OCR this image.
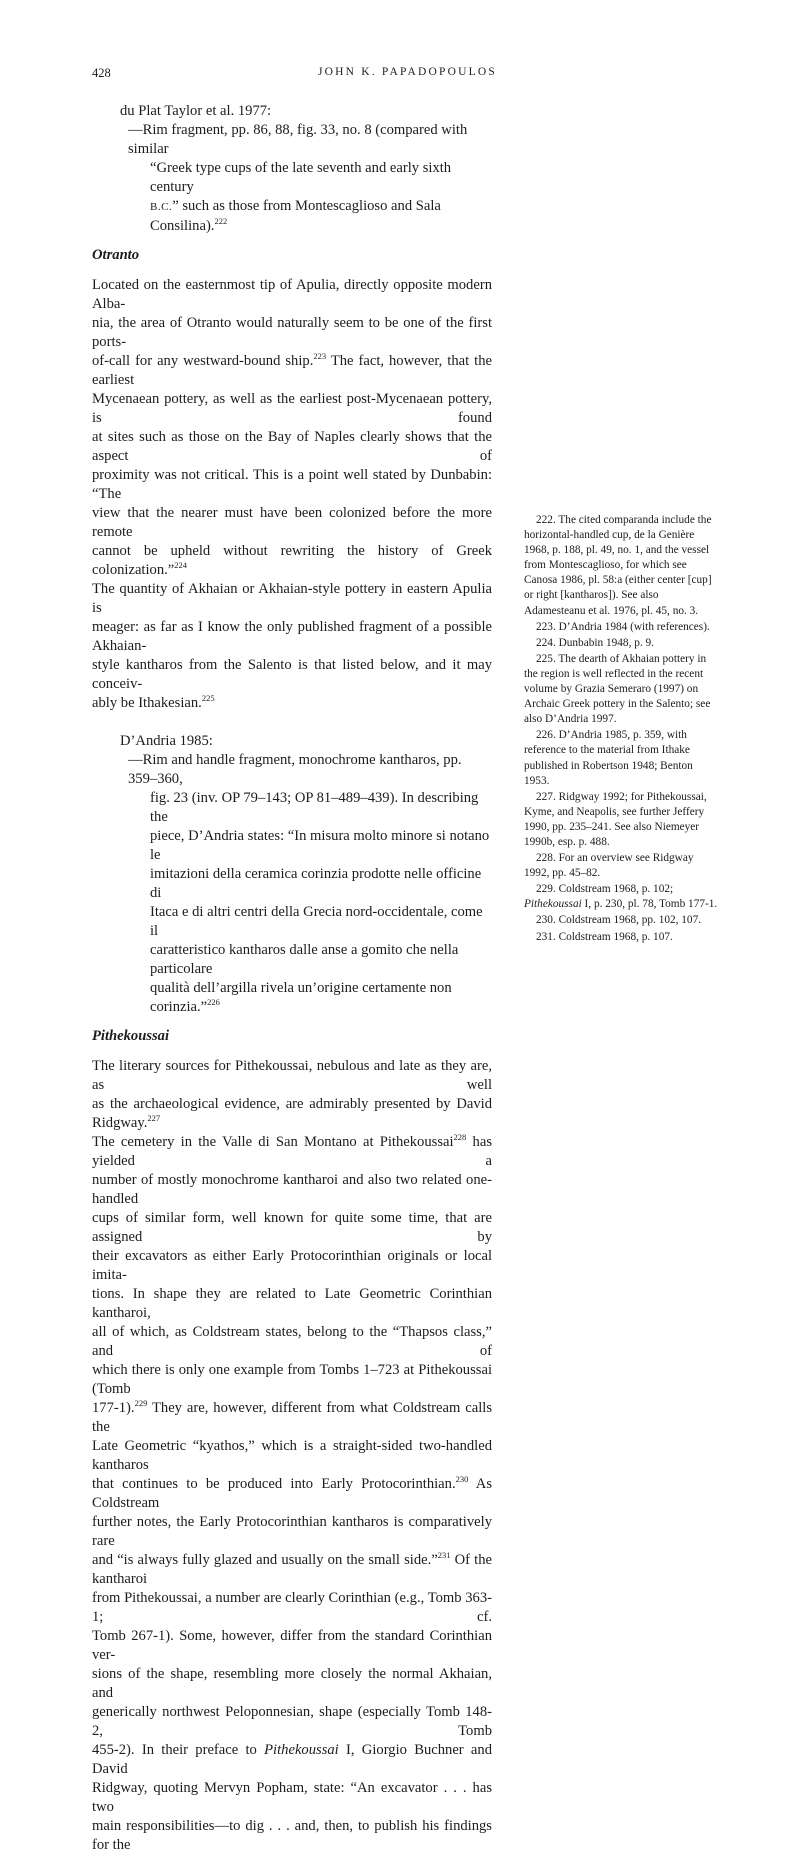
428	JOHN K. PAPADOPOULOS

du Plat Taylor et al. 1977:

—Rim fragment, pp. 86, 88, fig. 33, no. 8 (compared with similar
“Greek type cups of the late seventh and early sixth century
B.C.” such as those from Montescaglioso and Sala Consilina).$^{222}$

Otranto

Located on the easternmost tip of Apulia, directly opposite modern Alba-
nia, the area of Otranto would naturally seem to be one of the first ports-
of-call for any westward-bound ship.$^{223}$ The fact, however, that the earliest
Mycenaean pottery, as well as the earliest post-Mycenaean pottery, is found
at sites such as those on the Bay of Naples clearly shows that the aspect of
proximity was not critical. This is a point well stated by Dunbabin: “The
view that the nearer must have been colonized before the more remote
cannot be upheld without rewriting the history of Greek colonization.”$^{224}$
The quantity of Akhaian or Akhaian-style pottery in eastern Apulia is
meager: as far as I know the only published fragment of a possible Akhaian-
style kantharos from the Salento is that listed below, and it may conceiv-
ably be Ithakesian.$^{225}$

D’Andria 1985:

—Rim and handle fragment, monochrome kantharos, pp. 359–360,
fig. 23 (inv. OP 79–143; OP 81–489–439). In describing the
piece, D’Andria states: “In misura molto minore si notano le
imitazioni della ceramica corinzia prodotte nelle officine di
Itaca e di altri centri della Grecia nord-occidentale, come il
caratteristico kantharos dalle anse a gomito che nella particolare
qualità dell’argilla rivela un’origine certamente non corinzia.”$^{226}$

Pithekoussai

The literary sources for Pithekoussai, nebulous and late as they are, as well
as the archaeological evidence, are admirably presented by David Ridgway.$^{227}$
The cemetery in the Valle di San Montano at Pithekoussai$^{228}$ has yielded a
number of mostly monochrome kantharoi and also two related one-handled
cups of similar form, well known for quite some time, that are assigned by
their excavators as either Early Protocorinthian originals or local imita-
tions. In shape they are related to Late Geometric Corinthian kantharoi,
all of which, as Coldstream states, belong to the “Thapsos class,” and of
which there is only one example from Tombs 1–723 at Pithekoussai (Tomb
177-1).$^{229}$ They are, however, different from what Coldstream calls the
Late Geometric “kyathos,” which is a straight-sided two-handled kantharos
that continues to be produced into Early Protocorinthian.$^{230}$ As Coldstream
further notes, the Early Protocorinthian kantharos is comparatively rare
and “is always fully glazed and usually on the small side.”$^{231}$ Of the kantharoi
from Pithekoussai, a number are clearly Corinthian (e.g., Tomb 363-1; cf.
Tomb 267-1). Some, however, differ from the standard Corinthian ver-
sions of the shape, resembling more closely the normal Akhaian, and
generically northwest Peloponnesian, shape (especially Tomb 148-2, Tomb
455-2). In their preface to Pithekoussai I, Giorgio Buchner and David
Ridgway, quoting Mervyn Popham, state: “An excavator . . . has two
main responsibilities—to dig . . . and, then, to publish his findings for the

222. The cited comparanda include the horizontal-handled cup, de la Genière 1968, p. 188, pl. 49, no. 1, and the vessel from Montescaglioso, for which see Canosa 1986, pl. 58:a (either center [cup] or right [kantharos]). See also Adamesteanu et al. 1976, pl. 45, no. 3.

223. D’Andria 1984 (with references).

224. Dunbabin 1948, p. 9.

225. The dearth of Akhaian pottery in the region is well reflected in the recent volume by Grazia Semeraro (1997) on Archaic Greek pottery in the Salento; see also D’Andria 1997.

226. D’Andria 1985, p. 359, with reference to the material from Ithake published in Robertson 1948; Benton 1953.

227. Ridgway 1992; for Pithekoussai, Kyme, and Neapolis, see further Jeffery 1990, pp. 235–241. See also Niemeyer 1990b, esp. p. 488.

228. For an overview see Ridgway 1992, pp. 45–82.

229. Coldstream 1968, p. 102; Pithekoussai I, p. 230, pl. 78, Tomb 177-1.

230. Coldstream 1968, pp. 102, 107.

231. Coldstream 1968, p. 107.
